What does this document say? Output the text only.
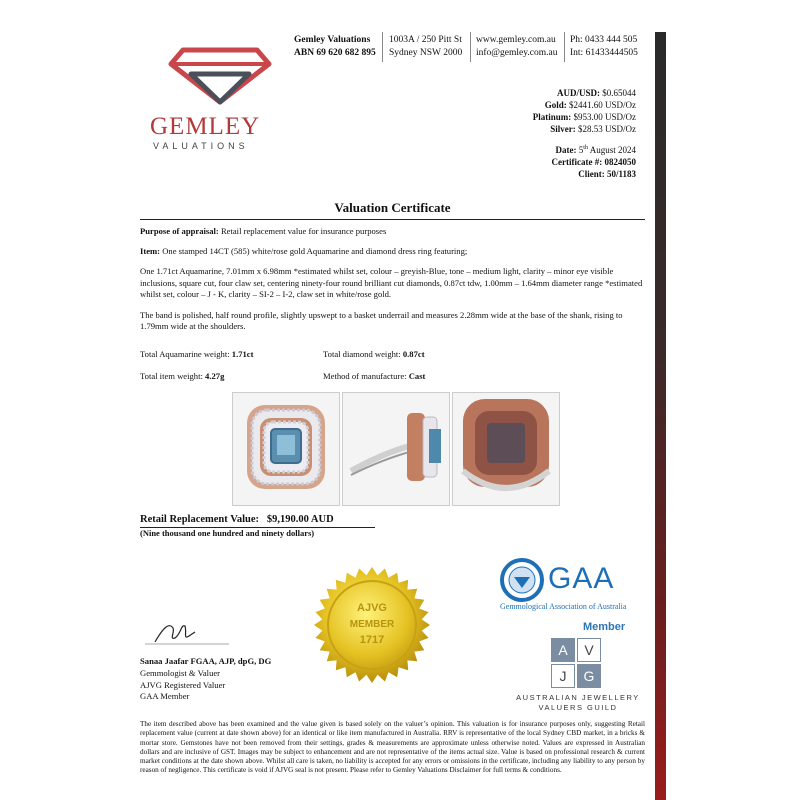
GEMLEY
VALUATIONS
Gemley Valuations
ABN 69 620 682 895
1003A / 250 Pitt St
Sydney NSW 2000
www.gemley.com.au
info@gemley.com.au
Ph: 0433 444 505
Int: 61433444505
AUD/USD: $0.65044
Gold: $2441.60 USD/Oz
Platinum: $953.00 USD/Oz
Silver: $28.53 USD/Oz
Date: 5th August 2024
Certificate #: 0824050
Client: 50/1183
Valuation Certificate
Purpose of appraisal: Retail replacement value for insurance purposes
Item: One stamped 14CT (585) white/rose gold Aquamarine and diamond dress ring featuring;
One 1.71ct Aquamarine, 7.01mm x 6.98mm *estimated whilst set, colour – greyish-Blue, tone – medium light, clarity – minor eye visible inclusions, square cut, four claw set, centering ninety-four round brilliant cut diamonds, 0.87ct tdw, 1.00mm – 1.64mm diameter range *estimated whilst set, colour – J - K, clarity – SI-2 – I-2, claw set in white/rose gold.
The band is polished, half round profile, slightly upswept to a basket underrail and measures 2.28mm wide at the base of the shank, rising to 1.79mm wide at the shoulders.
Total Aquamarine weight: 1.71ct	Total diamond weight: 0.87ct
Total item weight: 4.27g	Method of manufacture: Cast
Retail Replacement Value: $9,190.00 AUD
(Nine thousand one hundred and ninety dollars)
AJVG
MEMBER
1717
Sanaa Jaafar FGAA, AJP, dpG, DG
Gemmologist & Valuer
AJVG Registered Valuer
GAA Member
GAA
Gemmological Association of Australia
Member
A	V
J	G
AUSTRALIAN JEWELLERY
VALUERS GUILD
The item described above has been examined and the value given is based solely on the valuer’s opinion. This valuation is for insurance purposes only, suggesting Retail replacement value (current at date shown above) for an identical or like item manufactured in Australia. RRV is representative of the local Sydney CBD market, in a bricks & mortar store. Gemstones have not been removed from their settings, grades & measurements are approximate unless otherwise noted. Values are expressed in Australian dollars and are inclusive of GST. Images may be subject to enhancement and are not representative of the items actual size. Value is based on professional research & current market conditions at the date shown above. Whilst all care is taken, no liability is accepted for any errors or omissions in the certificate, including any liability to any person by reason of negligence. This certificate is void if AJVG seal is not present. Please refer to Gemley Valuations Disclaimer for full terms & conditions.
